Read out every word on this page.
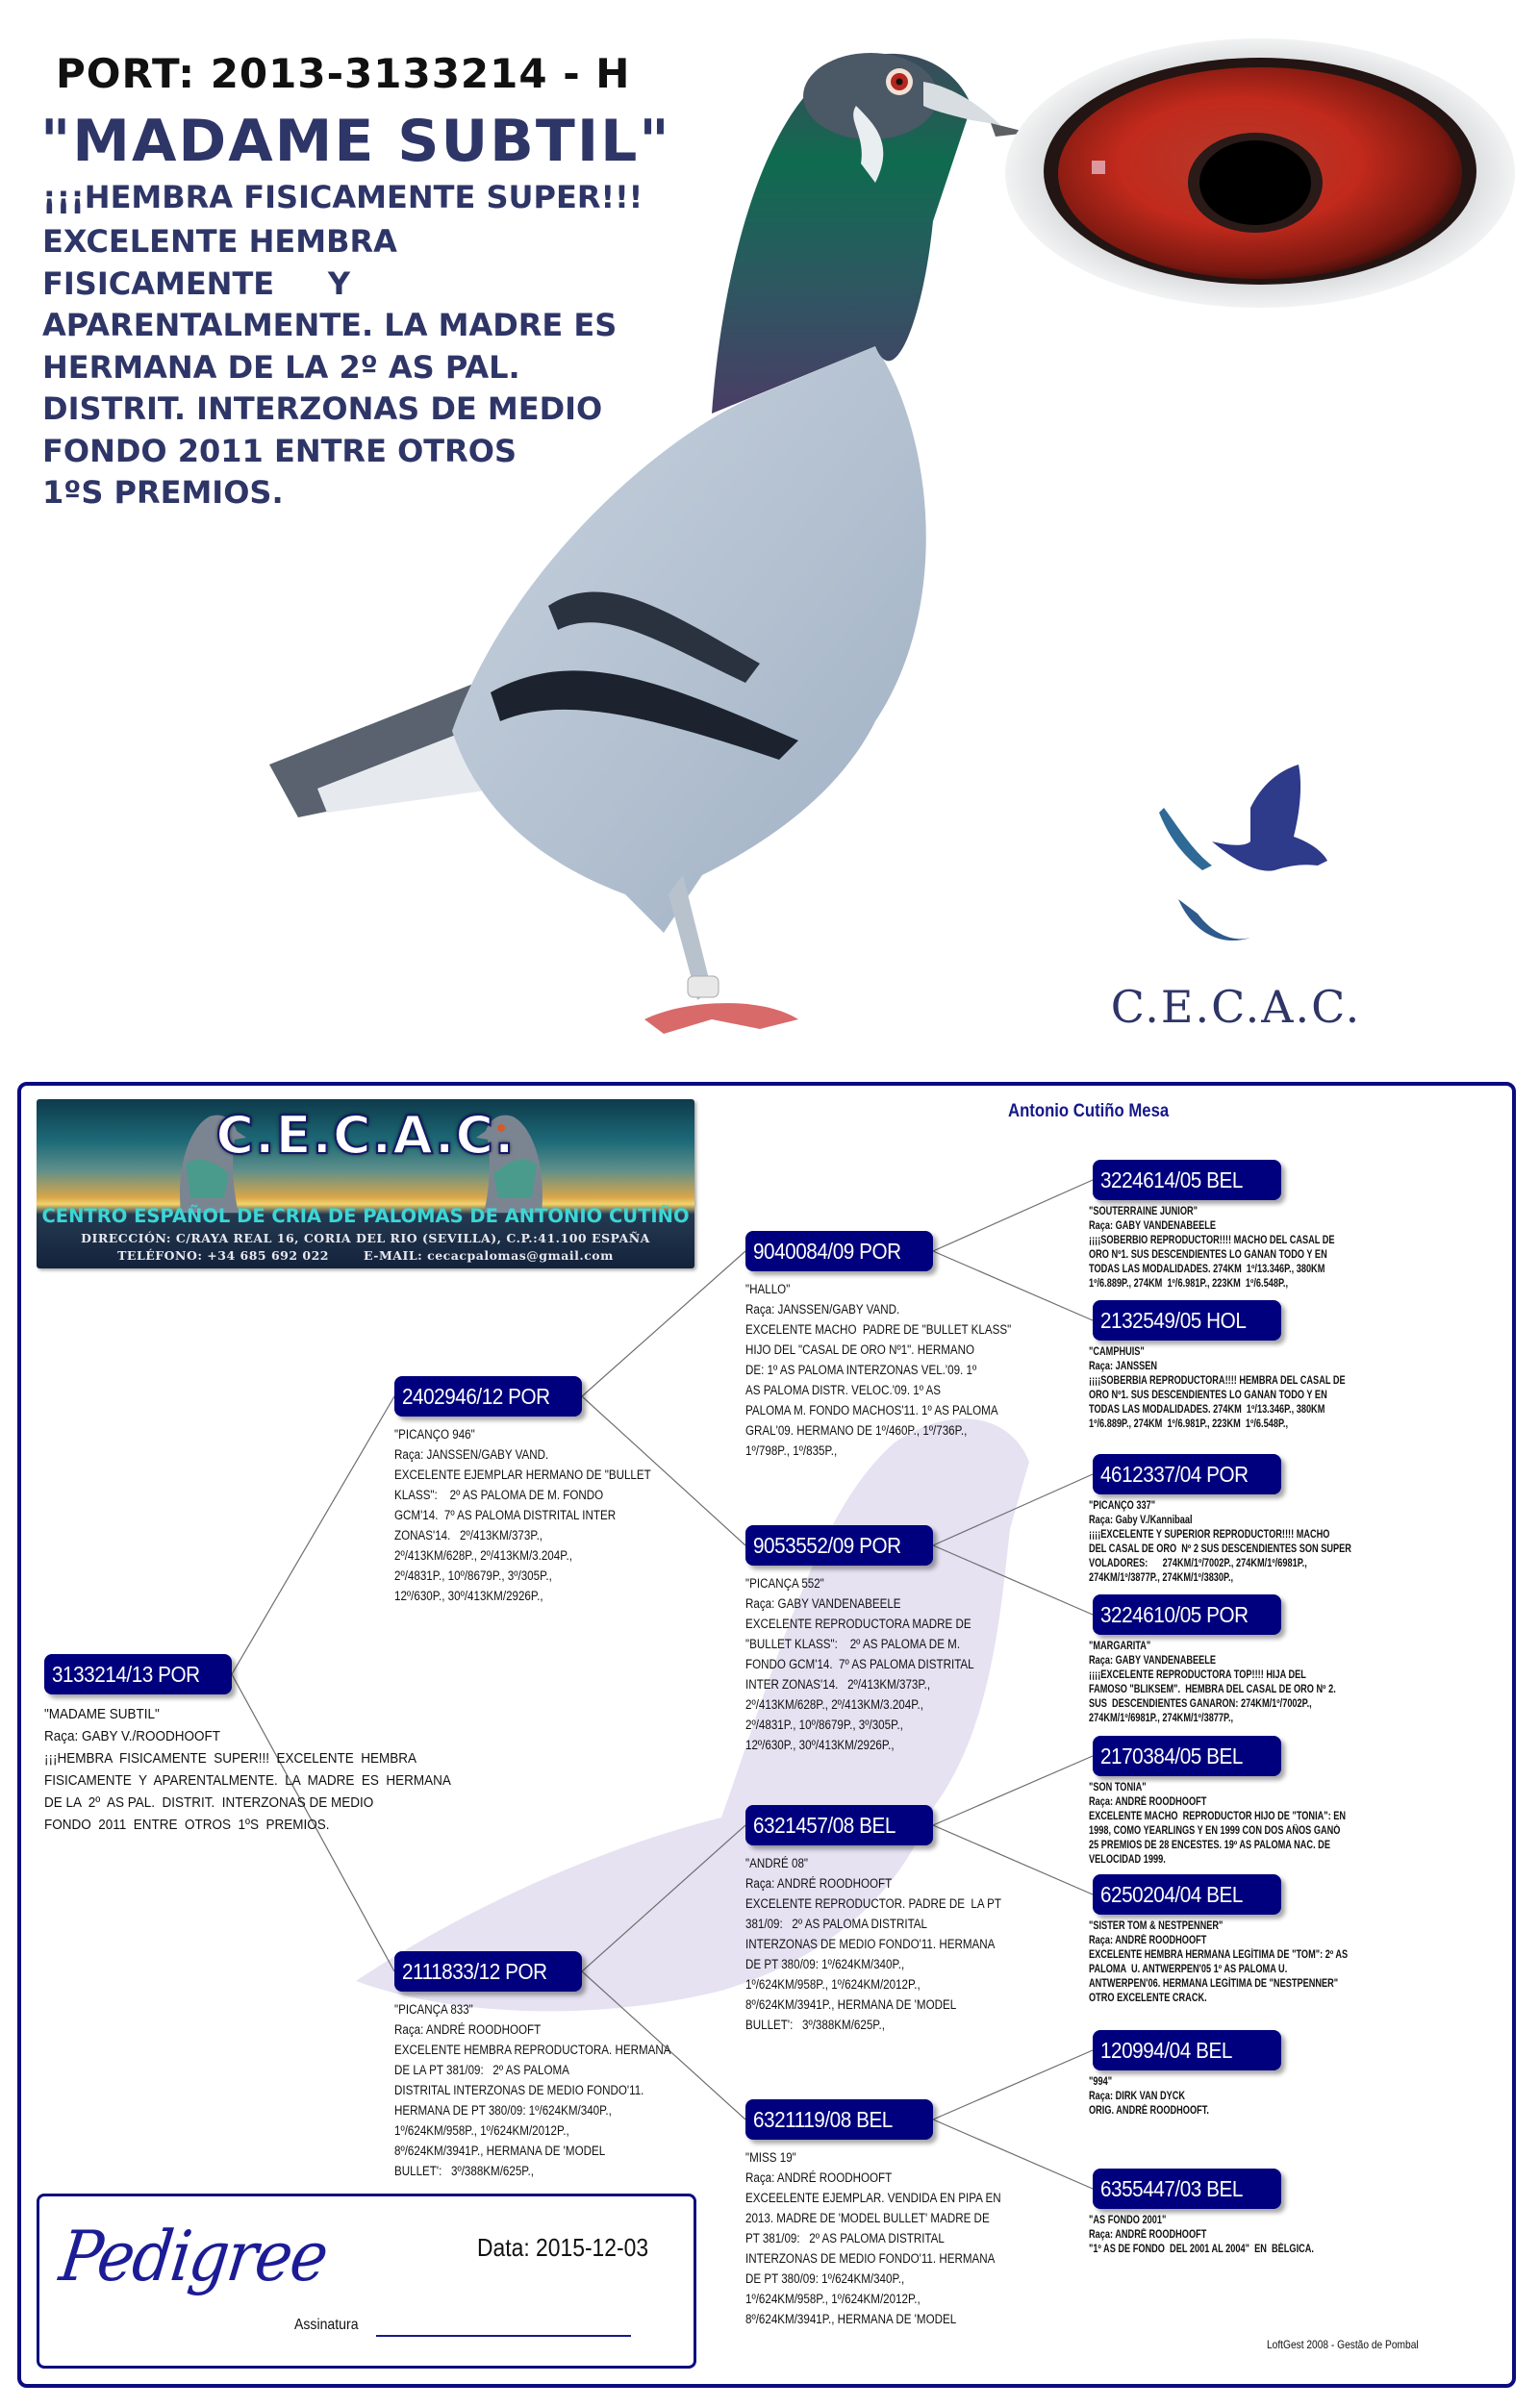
C.E.C.A.C.
PORT: 2013-3133214 - H
"MADAME SUBTIL"
¡¡¡HEMBRA FISICAMENTE SUPER!!!
EXCELENTE HEMBRA
FISICAMENTE     Y
APARENTALMENTE. LA MADRE ES
HERMANA DE LA 2º AS PAL.
DISTRIT. INTERZONAS DE MEDIO
FONDO 2011 ENTRE OTROS
1ºS PREMIOS.
C.E.C.A.C.
CENTRO ESPAÑOL DE CRIA DE PALOMAS DE ANTONIO CUTIÑO
DIRECCIÓN: C/RAYA REAL 16, CORIA DEL RIO (SEVILLA), C.P.:41.100 ESPAÑA
TELÉFONO: +34 685 692 022	E-MAIL: cecacpalomas@gmail.com
Antonio Cutiño Mesa
3133214/13 POR
"MADAME SUBTIL"
Raça: GABY V./ROODHOOFT
¡¡¡HEMBRA  FISICAMENTE  SUPER!!!  EXCELENTE  HEMBRA
FISICAMENTE  Y  APARENTALMENTE.  LA  MADRE  ES  HERMANA
DE LA  2º  AS PAL.  DISTRIT.  INTERZONAS DE MEDIO
FONDO  2011  ENTRE  OTROS  1ºS  PREMIOS.
2402946/12 POR
"PICANÇO 946"
Raça: JANSSEN/GABY VAND.
EXCELENTE EJEMPLAR HERMANO DE "BULLET
KLASS":    2º AS PALOMA DE M. FONDO
GCM'14.  7º AS PALOMA DISTRITAL INTER
ZONAS'14.   2º/413KM/373P.,
2º/413KM/628P., 2º/413KM/3.204P.,
2º/4831P., 10º/8679P., 3º/305P.,
12º/630P., 30º/413KM/2926P.,
2111833/12 POR
"PICANÇA 833"
Raça: ANDRÉ ROODHOOFT
EXCELENTE HEMBRA REPRODUCTORA. HERMANA
DE LA PT 381/09:   2º AS PALOMA
DISTRITAL INTERZONAS DE MEDIO FONDO'11.
HERMANA DE PT 380/09: 1º/624KM/340P.,
1º/624KM/958P., 1º/624KM/2012P.,
8º/624KM/3941P., HERMANA DE 'MODEL
BULLET':   3º/388KM/625P.,
9040084/09 POR
"HALLO"
Raça: JANSSEN/GABY VAND.
EXCELENTE MACHO  PADRE DE "BULLET KLASS"
HIJO DEL "CASAL DE ORO Nº1". HERMANO
DE: 1º AS PALOMA INTERZONAS VEL.'09. 1º
AS PALOMA DISTR. VELOC.'09. 1º AS
PALOMA M. FONDO MACHOS'11. 1º AS PALOMA
GRAL'09. HERMANO DE 1º/460P., 1º/736P.,
1º/798P., 1º/835P.,
9053552/09 POR
"PICANÇA 552"
Raça: GABY VANDENABEELE
EXCELENTE REPRODUCTORA MADRE DE
"BULLET KLASS":    2º AS PALOMA DE M.
FONDO GCM'14.  7º AS PALOMA DISTRITAL
INTER ZONAS'14.   2º/413KM/373P.,
2º/413KM/628P., 2º/413KM/3.204P.,
2º/4831P., 10º/8679P., 3º/305P.,
12º/630P., 30º/413KM/2926P.,
6321457/08 BEL
"ANDRÉ 08"
Raça: ANDRÉ ROODHOOFT
EXCELENTE REPRODUCTOR. PADRE DE  LA PT
381/09:   2º AS PALOMA DISTRITAL
INTERZONAS DE MEDIO FONDO'11. HERMANA
DE PT 380/09: 1º/624KM/340P.,
1º/624KM/958P., 1º/624KM/2012P.,
8º/624KM/3941P., HERMANA DE 'MODEL
BULLET':   3º/388KM/625P.,
6321119/08 BEL
"MISS 19"
Raça: ANDRÉ ROODHOOFT
EXCEELENTE EJEMPLAR. VENDIDA EN PIPA EN
2013. MADRE DE 'MODEL BULLET' MADRE DE
PT 381/09:   2º AS PALOMA DISTRITAL
INTERZONAS DE MEDIO FONDO'11. HERMANA
DE PT 380/09: 1º/624KM/340P.,
1º/624KM/958P., 1º/624KM/2012P.,
8º/624KM/3941P., HERMANA DE 'MODEL
3224614/05 BEL
"SOUTERRAINE JUNIOR"
Raça: GABY VANDENABEELE
¡¡¡¡SOBERBIO REPRODUCTOR!!!! MACHO DEL CASAL DE
ORO Nº1. SUS DESCENDIENTES LO GANAN TODO Y EN
TODAS LAS MODALIDADES. 274KM  1º/13.346P., 380KM
1º/6.889P., 274KM  1º/6.981P., 223KM  1º/6.548P.,
2132549/05 HOL
"CAMPHUIS"
Raça: JANSSEN
¡¡¡¡SOBERBIA REPRODUCTORA!!!! HEMBRA DEL CASAL DE
ORO Nº1. SUS DESCENDIENTES LO GANAN TODO Y EN
TODAS LAS MODALIDADES. 274KM  1º/13.346P., 380KM
1º/6.889P., 274KM  1º/6.981P., 223KM  1º/6.548P.,
4612337/04 POR
"PICANÇO 337"
Raça: Gaby V./Kannibaal
¡¡¡¡EXCELENTE Y SUPERIOR REPRODUCTOR!!!! MACHO
DEL CASAL DE ORO  Nº 2 SUS DESCENDIENTES SON SUPER
VOLADORES:      274KM/1º/7002P., 274KM/1º/6981P.,
274KM/1º/3877P., 274KM/1º/3830P.,
3224610/05 POR
"MARGARITA"
Raça: GABY VANDENABEELE
¡¡¡¡EXCELENTE REPRODUCTORA TOP!!!! HIJA DEL
FAMOSO "BLIKSEM".  HEMBRA DEL CASAL DE ORO Nº 2.
SUS  DESCENDIENTES GANARON: 274KM/1º/7002P.,
274KM/1º/6981P., 274KM/1º/3877P.,
2170384/05 BEL
"SON TONIA"
Raça: ANDRÉ ROODHOOFT
EXCELENTE MACHO  REPRODUCTOR HIJO DE "TONIA": EN
1998, COMO YEARLINGS Y EN 1999 CON DOS AÑOS GANÓ
25 PREMIOS DE 28 ENCESTES. 19º AS PALOMA NAC. DE
VELOCIDAD 1999.
6250204/04 BEL
"SISTER TOM & NESTPENNER"
Raça: ANDRÉ ROODHOOFT
EXCELENTE HEMBRA HERMANA LEGÍTIMA DE "TOM": 2º AS
PALOMA  U. ANTWERPEN'05 1º AS PALOMA U.
ANTWERPEN'06. HERMANA LEGÍTIMA DE "NESTPENNER"
OTRO EXCELENTE CRACK.
120994/04 BEL
"994"
Raça: DIRK VAN DYCK
ORIG. ANDRÉ ROODHOOFT.
6355447/03 BEL
"AS FONDO 2001"
Raça: ANDRÉ ROODHOOFT
"1º AS DE FONDO  DEL 2001 AL 2004"  EN  BÉLGICA.
Pedigree	Data: 2015-12-03
Assinatura
LoftGest 2008 - Gestão de Pombal
